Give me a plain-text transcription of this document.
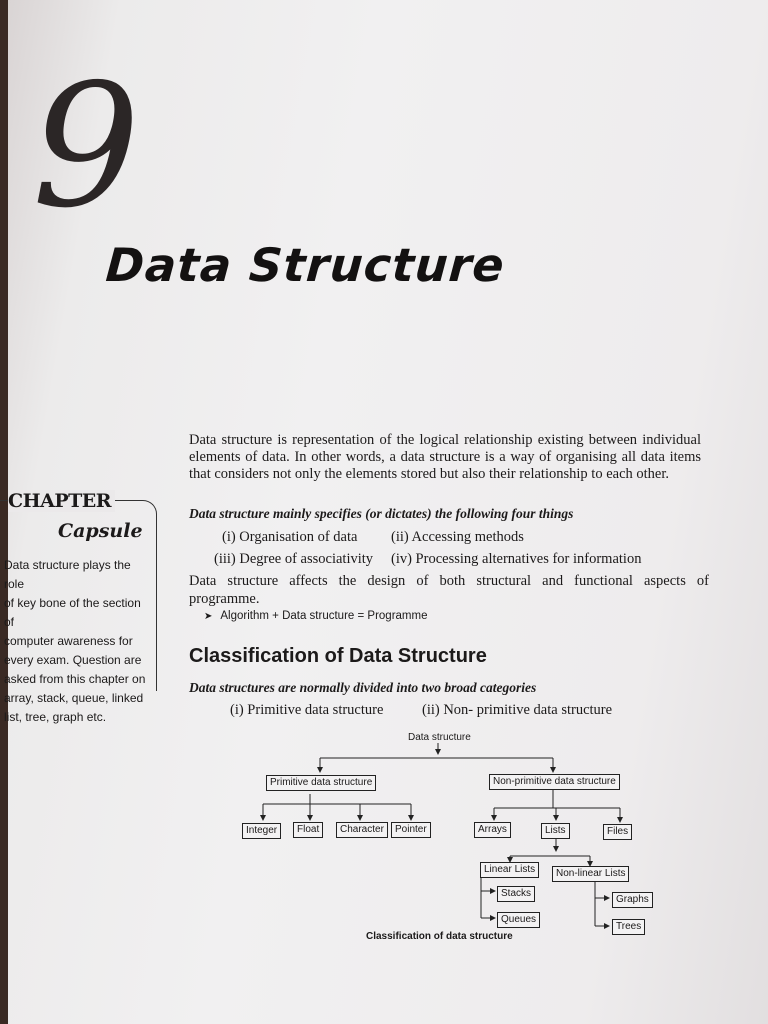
9
Data Structure
CHAPTER
Capsule
Data structure plays the role
of key bone of the section of
computer awareness for
every exam. Question are
asked from this chapter on
array, stack, queue, linked
list, tree, graph etc.
Data structure is representation of the logical relationship existing between individual elements of data. In other words, a data structure is a way of organising all data items that considers not only the elements stored but also their relationship to each other.
Data structure mainly specifies (or dictates) the following four things
(i) Organisation of data (ii) Accessing methods
(iii) Degree of associativity (iv) Processing alternatives for information
Data structure affects the design of both structural and functional aspects of
programme.
➤ Algorithm + Data structure = Programme
Classification of Data Structure
Data structures are normally divided into two broad categories
(i) Primitive data structure	(ii) Non- primitive data structure
Data structure
Primitive data structure	Non-primitive data structure
Integer	Float	Character	Pointer	Arrays	Lists	Files
Linear Lists	Non-linear Lists
Stacks
Queues
Graphs
Trees
Classification of data structure
